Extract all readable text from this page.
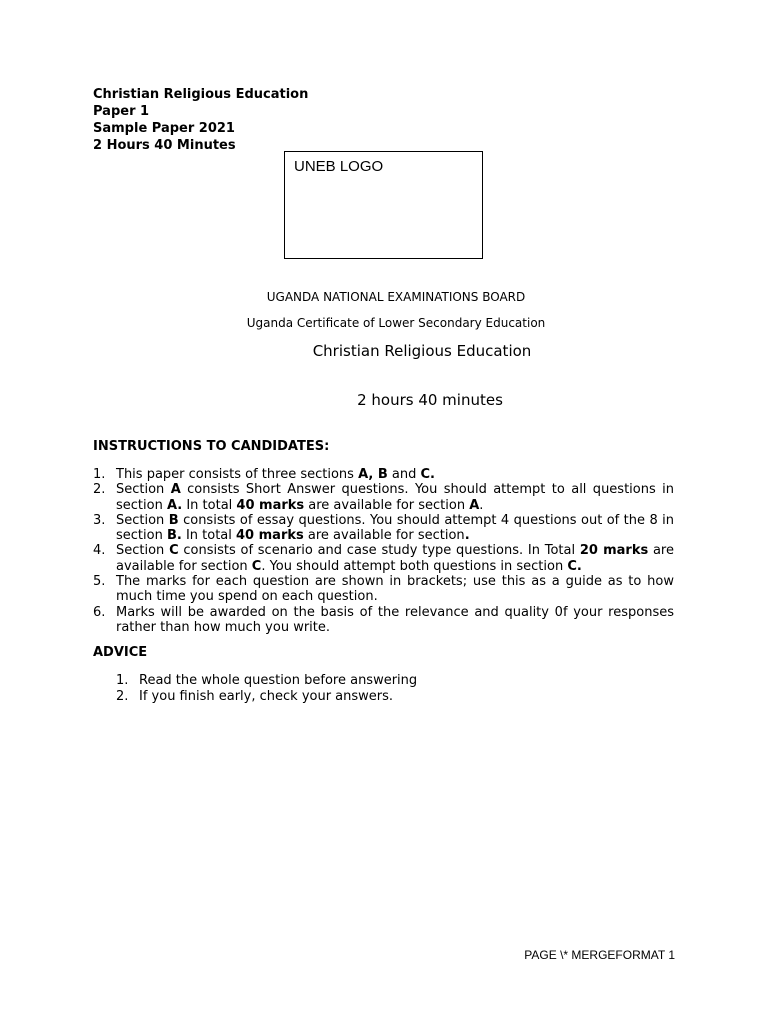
Christian Religious Education
Paper 1
Sample Paper 2021
2 Hours 40 Minutes
UNEB LOGO
UGANDA NATIONAL EXAMINATIONS BOARD
Uganda Certificate of Lower Secondary Education
Christian Religious Education
2 hours 40 minutes
INSTRUCTIONS TO CANDIDATES:
1. This paper consists of three sections A, B and C.
2. Section A consists Short Answer questions. You should attempt to all questions in section A. In total 40 marks are available for section A.
3. Section B consists of essay questions. You should attempt 4 questions out of the 8 in section B. In total 40 marks are available for section.
4. Section C consists of scenario and case study type questions. In Total 20 marks are available for section C. You should attempt both questions in section C.
5. The marks for each question are shown in brackets; use this as a guide as to how much time you spend on each question.
6. Marks will be awarded on the basis of the relevance and quality 0f your responses rather than how much you write.
ADVICE
1. Read the whole question before answering
2. If you finish early, check your answers.
PAGE \* MERGEFORMAT 1
